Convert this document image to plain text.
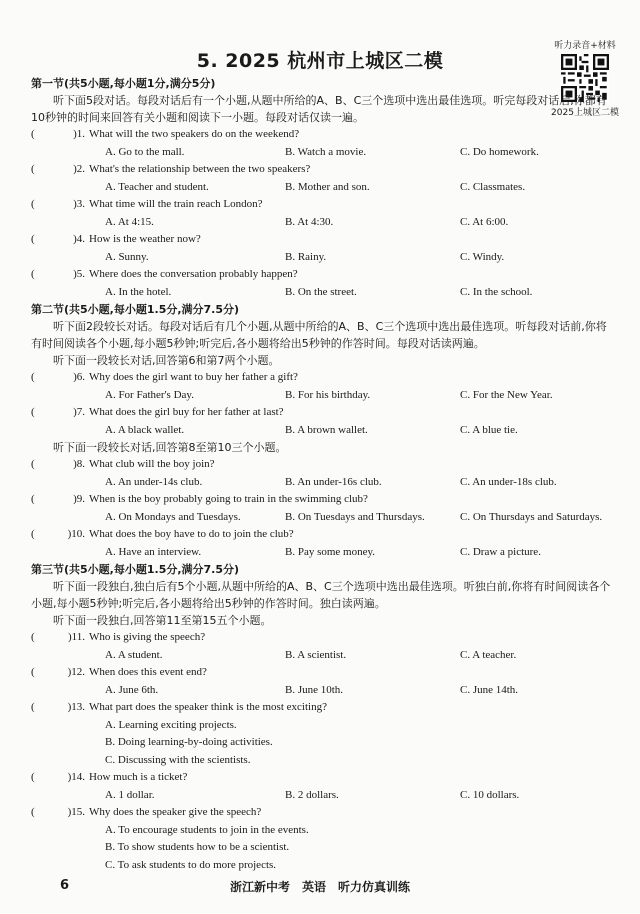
5. 2025 杭州市上城区二模
听力录音+材料
2025上城区二模
第一节(共5小题,每小题1分,满分5分)
听下面5段对话。每段对话后有一个小题,从题中所给的A、B、C三个选项中选出最佳选项。听完每段对话后,你都有10秒钟的时间来回答有关小题和阅读下一小题。每段对话仅读一遍。
(	)1. What will the two speakers do on the weekend?
A. Go to the mall.	B. Watch a movie.	C. Do homework.
(	)2. What's the relationship between the two speakers?
A. Teacher and student.	B. Mother and son.	C. Classmates.
(	)3. What time will the train reach London?
A. At 4:15.	B. At 4:30.	C. At 6:00.
(	)4. How is the weather now?
A. Sunny.	B. Rainy.	C. Windy.
(	)5. Where does the conversation probably happen?
A. In the hotel.	B. On the street.	C. In the school.
第二节(共5小题,每小题1.5分,满分7.5分)
听下面2段较长对话。每段对话后有几个小题,从题中所给的A、B、C三个选项中选出最佳选项。听每段对话前,你将有时间阅读各个小题,每小题5秒钟;听完后,各小题将给出5秒钟的作答时间。每段对话读两遍。
听下面一段较长对话,回答第6和第7两个小题。
(	)6. Why does the girl want to buy her father a gift?
A. For Father's Day.	B. For his birthday.	C. For the New Year.
(	)7. What does the girl buy for her father at last?
A. A black wallet.	B. A brown wallet.	C. A blue tie.
听下面一段较长对话,回答第8至第10三个小题。
(	)8. What club will the boy join?
A. An under-14s club.	B. An under-16s club.	C. An under-18s club.
(	)9. When is the boy probably going to train in the swimming club?
A. On Mondays and Tuesdays.	B. On Tuesdays and Thursdays.	C. On Thursdays and Saturdays.
(	)10. What does the boy have to do to join the club?
A. Have an interview.	B. Pay some money.	C. Draw a picture.
第三节(共5小题,每小题1.5分,满分7.5分)
听下面一段独白,独白后有5个小题,从题中所给的A、B、C三个选项中选出最佳选项。听独白前,你将有时间阅读各个小题,每小题5秒钟;听完后,各小题将给出5秒钟的作答时间。独白读两遍。
听下面一段独白,回答第11至第15五个小题。
(	)11. Who is giving the speech?
A. A student.	B. A scientist.	C. A teacher.
(	)12. When does this event end?
A. June 6th.	B. June 10th.	C. June 14th.
(	)13. What part does the speaker think is the most exciting?
A. Learning exciting projects.
B. Doing learning-by-doing activities.
C. Discussing with the scientists.
(	)14. How much is a ticket?
A. 1 dollar.	B. 2 dollars.	C. 10 dollars.
(	)15. Why does the speaker give the speech?
A. To encourage students to join in the events.
B. To show students how to be a scientist.
C. To ask students to do more projects.
6	浙江新中考　英语　听力仿真训练
